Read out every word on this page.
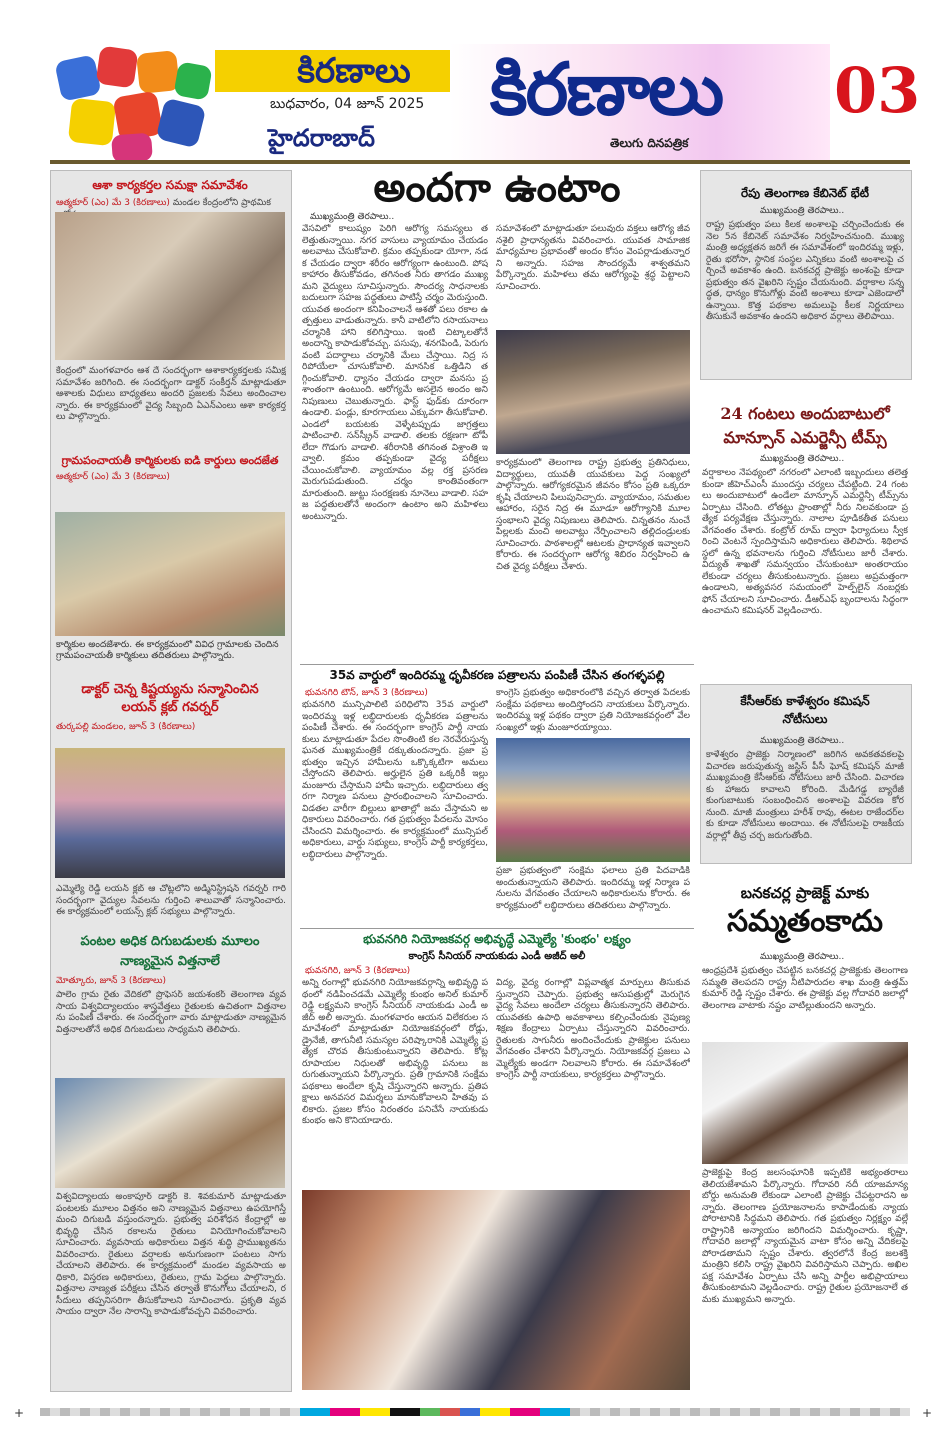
కిరణాలు
బుధవారం, 04 జూన్ 2025
హైదరాబాద్
కిరణాలు
తెలుగు దినపత్రిక
03
ఆశా కార్యకర్తల సమక్షా సమావేశం
ఆత్మకూర్ (ఎం) మే 3 (కిరణాలు) మండల కేంద్రంలోని ప్రాథమిక
కేంద్రంలో మంగళవారం ఆశ దే సందర్భంగా ఆశాకార్యకర్తలకు సమీక్ష సమావేశం జరిగింది. ఈ సందర్భంగా డాక్టర్ సంకీర్తన్ మాట్లాడుతూ ఆశాలకు విధులు బాధ్యతలు అందరి ప్రజలకు సేవలు అందించాలన్నారు. ఈ కార్యక్రమంలో వైద్య సిబ్బంది ఏఎన్ఎంలు ఆశా కార్యకర్తలు పాల్గొన్నారు.
గ్రామపంచాయతీ కార్మికులకు ఐడి కార్డులు అందజేత
ఆత్మకూర్ (ఎం) మే 3 (కిరణాలు)
కార్మికుల అందజేశారు. ఈ కార్యక్రమంలో వివిధ గ్రామాలకు చెందిన గ్రామపంచాయతీ కార్మికులు తదితరులు పాల్గొన్నారు.
డాక్టర్ చెన్న కిష్టయ్యను సన్మానించిన
లయన్ క్లబ్ గవర్నర్
తుర్కపల్లి మండలం, జూన్ 3 (కిరణాలు)
ఎమ్మెల్యే రెడ్డి లయన్ క్లబ్ ఆ చోట్లలోని అడ్మినిస్ట్రేషన్ గవర్నర్ గారి సందర్భంగా వైద్యుల సేవలను గుర్తించి శాలువాతో సన్మానించారు. ఈ కార్యక్రమంలో లయన్స్ క్లబ్ సభ్యులు పాల్గొన్నారు.
పంటల అధిక దిగుబడులకు మూలం
నాణ్యమైన విత్తనాలే
మోత్కూరు, జూన్ 3 (కిరణాలు)
పాలెం గ్రామ రైతు వేదికలో ప్రొఫెసర్ జయశంకర్ తెలంగాణ వ్యవసాయ విశ్వవిద్యాలయం శాస్త్రవేత్తలు రైతులకు ఉచితంగా విత్తనాలను పంపిణీ చేశారు. ఈ సందర్భంగా వారు మాట్లాడుతూ నాణ్యమైన విత్తనాలతోనే అధిక దిగుబడులు సాధ్యమని తెలిపారు.
విశ్వవిద్యాలయ అంకాపూర్ డాక్టర్ కె. శివకుమార్ మాట్లాడుతూ పంటలకు మూలం విత్తనం అని నాణ్యమైన విత్తనాలు ఉపయోగిస్తే మంచి దిగుబడి వస్తుందన్నారు. ప్రభుత్వ పరిశోధన కేంద్రాల్లో అభివృద్ధి చేసిన రకాలను రైతులు వినియోగించుకోవాలని సూచించారు. వ్యవసాయ అధికారులు విత్తన శుద్ధి ప్రాముఖ్యతను వివరించారు. రైతులు వర్షాలకు అనుగుణంగా పంటలు సాగు చేయాలని తెలిపారు. ఈ కార్యక్రమంలో మండల వ్యవసాయ అధికారి, విస్తరణ అధికారులు, రైతులు, గ్రామ పెద్దలు పాల్గొన్నారు. విత్తనాల నాణ్యత పరీక్షలు చేసిన తర్వాతే కొనుగోలు చేయాలని, రసీదులు తప్పనిసరిగా తీసుకోవాలని సూచించారు. ప్రకృతి వ్యవసాయం ద్వారా నేల సారాన్ని కాపాడుకోవచ్చని వివరించారు.
అందగా ఉంటాం
ముఖ్యమంత్రి తెరపాలు..
వేసవిలో కాలుష్యం పెరిగి ఆరోగ్య సమస్యలు తలెత్తుతున్నాయి. నగర వాసులు వ్యాయామం చేయడం అలవాటు చేసుకోవాలి. క్రమం తప్పకుండా యోగా, నడక చేయడం ద్వారా శరీరం ఆరోగ్యంగా ఉంటుంది. పోషకాహారం తీసుకోవడం, తగినంత నీరు తాగడం ముఖ్యమని వైద్యులు సూచిస్తున్నారు. సౌందర్య సాధనాలకు బదులుగా సహజ పద్ధతులు పాటిస్తే చర్మం మెరుస్తుంది. యువత అందంగా కనిపించాలనే ఆశతో పలు రకాల ఉత్పత్తులు వాడుతున్నారు. కానీ వాటిలోని రసాయనాలు చర్మానికి హాని కలిగిస్తాయి. ఇంటి చిట్కాలతోనే అందాన్ని కాపాడుకోవచ్చు. పసుపు, శనగపిండి, పెరుగు వంటి పదార్థాలు చర్మానికి మేలు చేస్తాయి. నిద్ర సరిపోయేలా చూసుకోవాలి. మానసిక ఒత్తిడిని తగ్గించుకోవాలి. ధ్యానం చేయడం ద్వారా మనసు ప్రశాంతంగా ఉంటుంది. ఆరోగ్యమే అసలైన అందం అని నిపుణులు చెబుతున్నారు. ఫాస్ట్ ఫుడ్‌కు దూరంగా ఉండాలి. పండ్లు, కూరగాయలు ఎక్కువగా తీసుకోవాలి. ఎండలో బయటకు వెళ్ళేటప్పుడు జాగ్రత్తలు పాటించాలి. సన్‌స్క్రీన్ వాడాలి. తలకు రక్షణగా టోపీ లేదా గొడుగు వాడాలి. శరీరానికి తగినంత విశ్రాంతి ఇవ్వాలి. క్రమం తప్పకుండా వైద్య పరీక్షలు చేయించుకోవాలి. వ్యాయామం వల్ల రక్త ప్రసరణ మెరుగుపడుతుంది. చర్మం కాంతివంతంగా మారుతుంది. జుట్టు సంరక్షణకు నూనెలు వాడాలి. సహజ పద్ధతులతోనే అందంగా ఉంటాం అని మహిళలు అంటున్నారు.
సమావేశంలో మాట్లాడుతూ పలువురు వక్తలు ఆరోగ్య జీవనశైలి ప్రాధాన్యతను వివరించారు. యువత సామాజిక మాధ్యమాల ప్రభావంతో అందం కోసం వెంపర్లాడుతున్నారని అన్నారు. సహజ సౌందర్యమే శాశ్వతమని పేర్కొన్నారు. మహిళలు తమ ఆరోగ్యంపై శ్రద్ధ పెట్టాలని సూచించారు.
కార్యక్రమంలో తెలంగాణ రాష్ట్ర ప్రభుత్వ ప్రతినిధులు, విద్యార్థులు, యువతీ యువకులు పెద్ద సంఖ్యలో పాల్గొన్నారు. ఆరోగ్యకరమైన జీవనం కోసం ప్రతి ఒక్కరూ కృషి చేయాలని పిలుపునిచ్చారు. వ్యాయామం, సమతుల ఆహారం, సరైన నిద్ర ఈ మూడూ ఆరోగ్యానికి మూలస్తంభాలని వైద్య నిపుణులు తెలిపారు. చిన్నతనం నుంచే పిల్లలకు మంచి అలవాట్లు నేర్పించాలని తల్లిదండ్రులకు సూచించారు. పాఠశాలల్లో ఆటలకు ప్రాధాన్యత ఇవ్వాలని కోరారు. ఈ సందర్భంగా ఆరోగ్య శిబిరం నిర్వహించి ఉచిత వైద్య పరీక్షలు చేశారు.
35వ వార్డులో ఇందిరమ్మ ధృవీకరణ పత్రాలను పంపిణీ చేసిన తంగళ్ళపల్లి
భువనగిరి టౌన్, జూన్ 3 (కిరణాలు)
భువనగిరి మున్సిపాలిటీ పరిధిలోని 35వ వార్డులో ఇందిరమ్మ ఇళ్ల లబ్ధిదారులకు ధృవీకరణ పత్రాలను పంపిణీ చేశారు. ఈ సందర్భంగా కాంగ్రెస్ పార్టీ నాయకులు మాట్లాడుతూ పేదల సొంతింటి కల నెరవేరుస్తున్న ఘనత ముఖ్యమంత్రికే దక్కుతుందన్నారు. ప్రజా ప్రభుత్వం ఇచ్చిన హామీలను ఒక్కొక్కటిగా అమలు చేస్తోందని తెలిపారు. అర్హులైన ప్రతి ఒక్కరికీ ఇల్లు మంజూరు చేస్తామని హామీ ఇచ్చారు. లబ్ధిదారులు త్వరగా నిర్మాణ పనులు ప్రారంభించాలని సూచించారు. విడతల వారీగా బిల్లులు ఖాతాల్లో జమ చేస్తామని అధికారులు వివరించారు. గత ప్రభుత్వం పేదలను మోసం చేసిందని విమర్శించారు. ఈ కార్యక్రమంలో మున్సిపల్ అధికారులు, వార్డు సభ్యులు, కాంగ్రెస్ పార్టీ కార్యకర్తలు, లబ్ధిదారులు పాల్గొన్నారు.
కాంగ్రెస్ ప్రభుత్వం అధికారంలోకి వచ్చిన తర్వాత పేదలకు సంక్షేమ పథకాలు అందిస్తోందని నాయకులు పేర్కొన్నారు. ఇందిరమ్మ ఇళ్ల పథకం ద్వారా ప్రతి నియోజకవర్గంలో వేల సంఖ్యలో ఇళ్లు మంజూరయ్యాయి.
ప్రజా ప్రభుత్వంలో సంక్షేమ ఫలాలు ప్రతి పేదవాడికి అందుతున్నాయని తెలిపారు. ఇందిరమ్మ ఇళ్ల నిర్మాణ పనులను వేగవంతం చేయాలని అధికారులను కోరారు. ఈ కార్యక్రమంలో లబ్ధిదారులు తదితరులు పాల్గొన్నారు.
భువనగిరి నియోజకవర్గ అభివృద్ధే ఎమ్మెల్యే 'కుంభం' లక్ష్యం
కాంగ్రెస్ సీనియర్ నాయకుడు ఎండీ అజీద్ అలీ
భువనగిరి, జూన్ 3 (కిరణాలు)
అన్ని రంగాల్లో భువనగిరి నియోజకవర్గాన్ని అభివృద్ధి పథంలో నడిపించడమే ఎమ్మెల్యే కుంభం అనిల్ కుమార్ రెడ్డి లక్ష్యమని కాంగ్రెస్ సీనియర్ నాయకుడు ఎండీ అజీద్ అలీ అన్నారు. మంగళవారం ఆయన విలేకరుల సమావేశంలో మాట్లాడుతూ నియోజకవర్గంలో రోడ్లు, డ్రైనేజీ, తాగునీటి సమస్యల పరిష్కారానికి ఎమ్మెల్యే ప్రత్యేక చొరవ తీసుకుంటున్నారని తెలిపారు. కోట్ల రూపాయల నిధులతో అభివృద్ధి పనులు జరుగుతున్నాయని పేర్కొన్నారు. ప్రతి గ్రామానికి సంక్షేమ పథకాలు అందేలా కృషి చేస్తున్నారని అన్నారు. ప్రతిపక్షాలు అనవసర విమర్శలు మానుకోవాలని హితవు పలికారు. ప్రజల కోసం నిరంతరం పనిచేసే నాయకుడు కుంభం అని కొనియాడారు.
విద్య, వైద్య రంగాల్లో విప్లవాత్మక మార్పులు తీసుకువస్తున్నారని చెప్పారు. ప్రభుత్వ ఆసుపత్రుల్లో మెరుగైన వైద్య సేవలు అందేలా చర్యలు తీసుకున్నారని తెలిపారు. యువతకు ఉపాధి అవకాశాలు కల్పించేందుకు నైపుణ్య శిక్షణ కేంద్రాలు ఏర్పాటు చేస్తున్నారని వివరించారు. రైతులకు సాగునీరు అందించేందుకు ప్రాజెక్టుల పనులు వేగవంతం చేశారని పేర్కొన్నారు. నియోజకవర్గ ప్రజలు ఎమ్మెల్యేకు అండగా నిలవాలని కోరారు. ఈ సమావేశంలో కాంగ్రెస్ పార్టీ నాయకులు, కార్యకర్తలు పాల్గొన్నారు.
రేపు తెలంగాణ కేబినెట్ భేటీ
ముఖ్యమంత్రి తెరపాలు..
రాష్ట్ర ప్రభుత్వం పలు కీలక అంశాలపై చర్చించేందుకు ఈ నెల 5న కేబినెట్ సమావేశం నిర్వహించనుంది. ముఖ్యమంత్రి అధ్యక్షతన జరిగే ఈ సమావేశంలో ఇందిరమ్మ ఇళ్లు, రైతు భరోసా, స్థానిక సంస్థల ఎన్నికలు వంటి అంశాలపై చర్చించే అవకాశం ఉంది. బనకచర్ల ప్రాజెక్టు అంశంపై కూడా ప్రభుత్వం తన వైఖరిని స్పష్టం చేయనుంది. వర్షాకాల సన్నద్ధత, ధాన్యం కొనుగోళ్లు వంటి అంశాలు కూడా ఎజెండాలో ఉన్నాయి. కొత్త పథకాల అమలుపై కీలక నిర్ణయాలు తీసుకునే అవకాశం ఉందని అధికార వర్గాలు తెలిపాయి.
24 గంటలు అందుబాటులో
మాన్సూన్ ఎమర్జెన్సీ టీమ్స్
ముఖ్యమంత్రి తెరపాలు..
వర్షాకాలం నేపథ్యంలో నగరంలో ఎలాంటి ఇబ్బందులు తలెత్తకుండా జీహెచ్ఎంసీ ముందస్తు చర్యలు చేపట్టింది. 24 గంటలు అందుబాటులో ఉండేలా మాన్సూన్ ఎమర్జెన్సీ టీమ్స్‌ను ఏర్పాటు చేసింది. లోతట్టు ప్రాంతాల్లో నీరు నిలవకుండా ప్రత్యేక పర్యవేక్షణ చేస్తున్నారు. నాలాల పూడికతీత పనులు వేగవంతం చేశారు. కంట్రోల్ రూమ్ ద్వారా ఫిర్యాదులు స్వీకరించి వెంటనే స్పందిస్తామని అధికారులు తెలిపారు. శిథిలావస్థలో ఉన్న భవనాలను గుర్తించి నోటీసులు జారీ చేశారు. విద్యుత్ శాఖతో సమన్వయం చేసుకుంటూ అంతరాయం లేకుండా చర్యలు తీసుకుంటున్నారు. ప్రజలు అప్రమత్తంగా ఉండాలని, అత్యవసర సమయంలో హెల్ప్‌లైన్ నంబర్లకు ఫోన్ చేయాలని సూచించారు. డీఆర్ఎఫ్ బృందాలను సిద్ధంగా ఉంచామని కమిషనర్ వెల్లడించారు.
కేసీఆర్‌కు కాళేశ్వరం కమిషన్
నోటీసులు
ముఖ్యమంత్రి తెరపాలు..
కాళేశ్వరం ప్రాజెక్టు నిర్మాణంలో జరిగిన అవకతవకలపై విచారణ జరుపుతున్న జస్టిస్ పీసీ ఘోష్ కమిషన్ మాజీ ముఖ్యమంత్రి కేసీఆర్‌కు నోటీసులు జారీ చేసింది. విచారణకు హాజరు కావాలని కోరింది. మేడిగడ్డ బ్యారేజీ కుంగుబాటుకు సంబంధించిన అంశాలపై వివరణ కోరనుంది. మాజీ మంత్రులు హరీశ్ రావు, ఈటల రాజేందర్‌లకు కూడా నోటీసులు అందాయి. ఈ నోటీసులపై రాజకీయ వర్గాల్లో తీవ్ర చర్చ జరుగుతోంది.
బనకచర్ల ప్రాజెక్ట్ మాకు
సమ్మతంకాదు
ముఖ్యమంత్రి తెరపాలు..
ఆంధ్రప్రదేశ్ ప్రభుత్వం చేపట్టిన బనకచర్ల ప్రాజెక్టుకు తెలంగాణ సమ్మతి తెలపదని రాష్ట్ర నీటిపారుదల శాఖ మంత్రి ఉత్తమ్ కుమార్ రెడ్డి స్పష్టం చేశారు. ఈ ప్రాజెక్టు వల్ల గోదావరి జలాల్లో తెలంగాణ వాటాకు నష్టం వాటిల్లుతుందని అన్నారు.
ప్రాజెక్టుపై కేంద్ర జలసంఘానికి ఇప్పటికే అభ్యంతరాలు తెలియజేశామని పేర్కొన్నారు. గోదావరి నదీ యాజమాన్య బోర్డు అనుమతి లేకుండా ఎలాంటి ప్రాజెక్టు చేపట్టరాదని అన్నారు. తెలంగాణ ప్రయోజనాలను కాపాడేందుకు న్యాయపోరాటానికి సిద్ధమని తెలిపారు. గత ప్రభుత్వం నిర్లక్ష్యం వల్లే రాష్ట్రానికి అన్యాయం జరిగిందని విమర్శించారు. కృష్ణా, గోదావరి జలాల్లో న్యాయమైన వాటా కోసం అన్ని వేదికలపై పోరాడతామని స్పష్టం చేశారు. త్వరలోనే కేంద్ర జలశక్తి మంత్రిని కలిసి రాష్ట్ర వైఖరిని వివరిస్తామని చెప్పారు. అఖిలపక్ష సమావేశం ఏర్పాటు చేసి అన్ని పార్టీల అభిప్రాయాలు తీసుకుంటామని వెల్లడించారు. రాష్ట్ర రైతుల ప్రయోజనాలే తమకు ముఖ్యమని అన్నారు.
+	+
